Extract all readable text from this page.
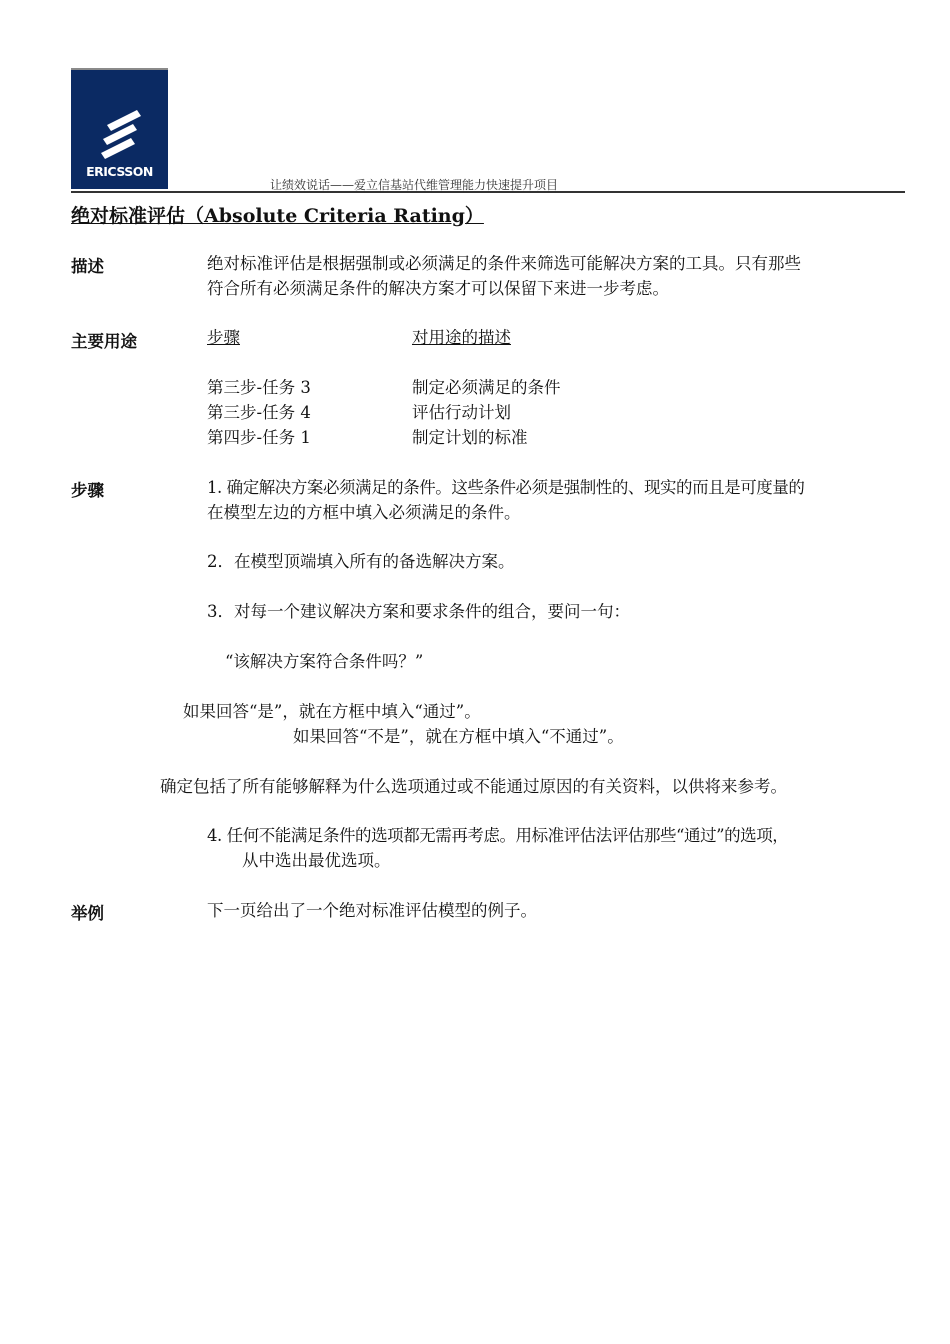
ERICSSON
让绩效说话——爱立信基站代维管理能力快速提升项目
绝对标准评估（Absolute Criteria Rating）
描述	绝对标准评估是根据强制或必须满足的条件来筛选可能解决方案的工具。只有那些
符合所有必须满足条件的解决方案才可以保留下来进一步考虑。
主要用途	步骤	对用途的描述
第三步-任务 3	制定必须满足的条件
第三步-任务 4	评估行动计划
第四步-任务 1	制定计划的标准
步骤	1. 确定解决方案必须满足的条件。这些条件必须是强制性的、现实的而且是可度量的
在模型左边的方框中填入必须满足的条件。
2．在模型顶端填入所有的备选解决方案。
3．对每一个建议解决方案和要求条件的组合，要问一句：
“该解决方案符合条件吗？”
如果回答“是”，就在方框中填入“通过”。
如果回答“不是”，就在方框中填入“不通过”。
确定包括了所有能够解释为什么选项通过或不能通过原因的有关资料，以供将来参考。
4. 任何不能满足条件的选项都无需再考虑。用标准评估法评估那些“通过”的选项，
从中选出最优选项。
举例	下一页给出了一个绝对标准评估模型的例子。
